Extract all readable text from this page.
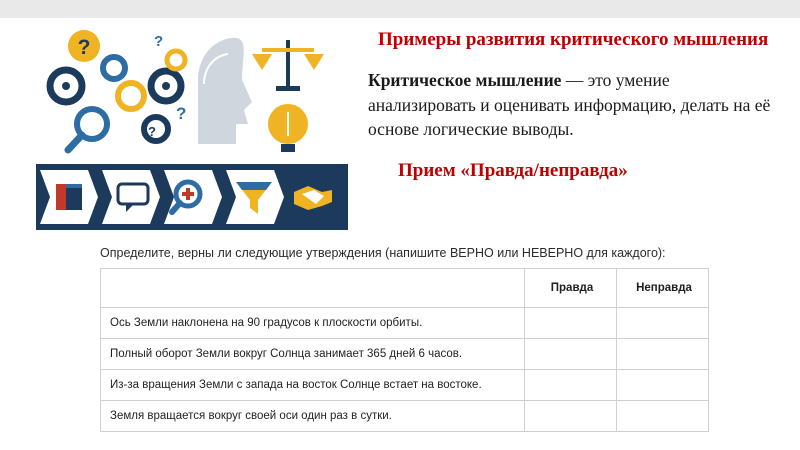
?	?
?
?
Примеры развития критического мышления

Критическое мышление — это умение анализировать и оценивать информацию, делать на её основе логические выводы.

Прием «Правда/неправда»
Определите, верны ли следующие утверждения (напишите ВЕРНО или НЕВЕРНО для каждого):
	Правда	Неправда
Ось Земли наклонена на 90 градусов к плоскости орбиты.		
Полный оборот Земли вокруг Солнца занимает 365 дней 6 часов.		
Из-за вращения Земли с запада на восток Солнце встает на востоке.		
Земля вращается вокруг своей оси один раз в сутки.		
